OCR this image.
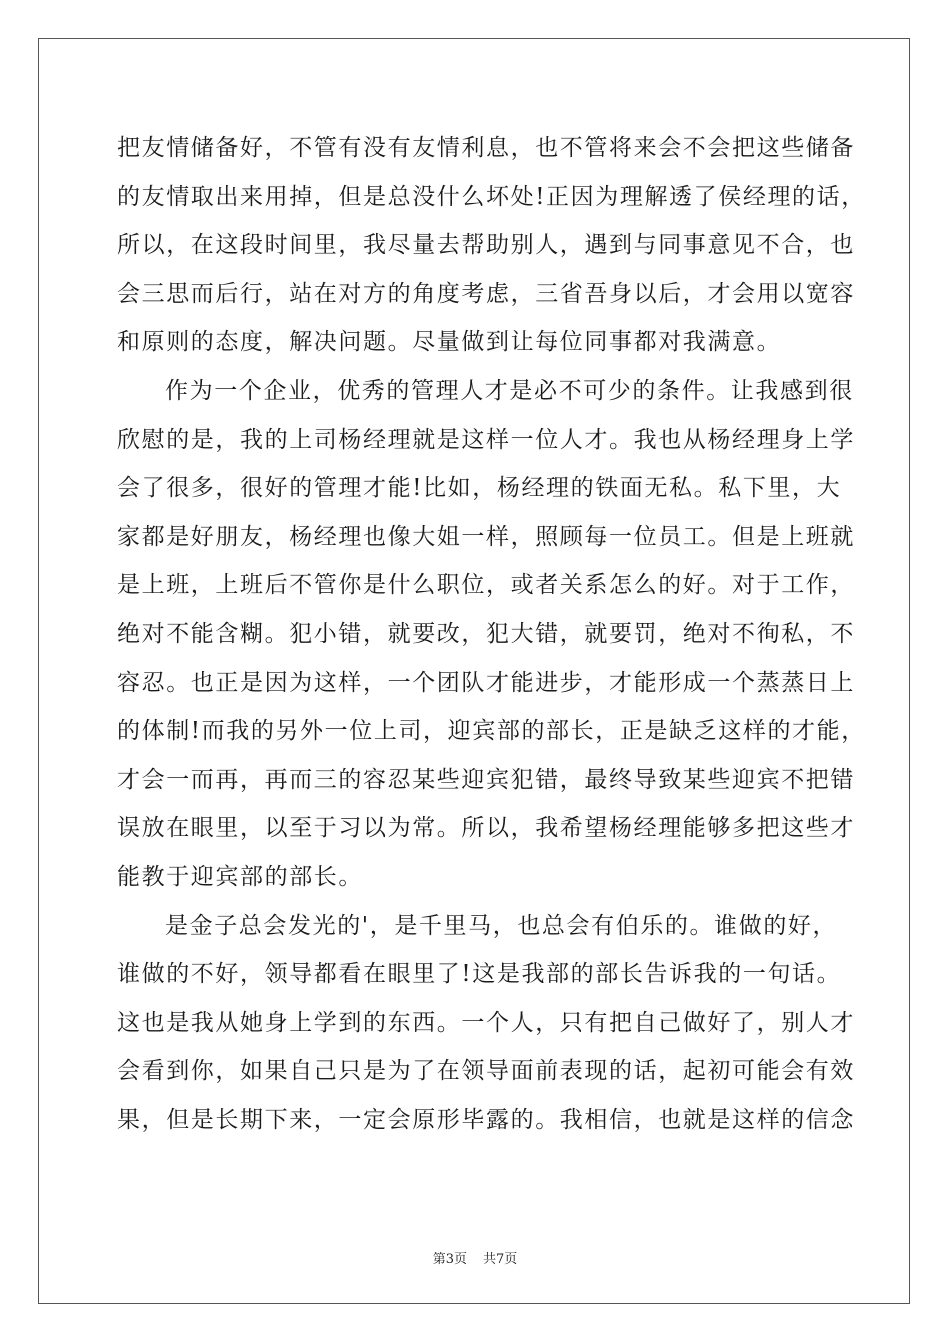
把友情储备好，不管有没有友情利息，也不管将来会不会把这些储备
的友情取出来用掉，但是总没什么坏处!正因为理解透了侯经理的话，
所以，在这段时间里，我尽量去帮助别人，遇到与同事意见不合，也
会三思而后行，站在对方的角度考虑，三省吾身以后，才会用以宽容
和原则的态度，解决问题。尽量做到让每位同事都对我满意。
作为一个企业，优秀的管理人才是必不可少的条件。让我感到很
欣慰的是，我的上司杨经理就是这样一位人才。我也从杨经理身上学
会了很多，很好的管理才能!比如，杨经理的铁面无私。私下里，大
家都是好朋友，杨经理也像大姐一样，照顾每一位员工。但是上班就
是上班，上班后不管你是什么职位，或者关系怎么的好。对于工作，
绝对不能含糊。犯小错，就要改，犯大错，就要罚，绝对不徇私，不
容忍。也正是因为这样，一个团队才能进步，才能形成一个蒸蒸日上
的体制!而我的另外一位上司，迎宾部的部长，正是缺乏这样的才能，
才会一而再，再而三的容忍某些迎宾犯错，最终导致某些迎宾不把错
误放在眼里，以至于习以为常。所以，我希望杨经理能够多把这些才
能教于迎宾部的部长。
是金子总会发光的'，是千里马，也总会有伯乐的。谁做的好，
谁做的不好，领导都看在眼里了!这是我部的部长告诉我的一句话。
这也是我从她身上学到的东西。一个人，只有把自己做好了，别人才
会看到你，如果自己只是为了在领导面前表现的话，起初可能会有效
果，但是长期下来，一定会原形毕露的。我相信，也就是这样的信念
第3页 共7页
